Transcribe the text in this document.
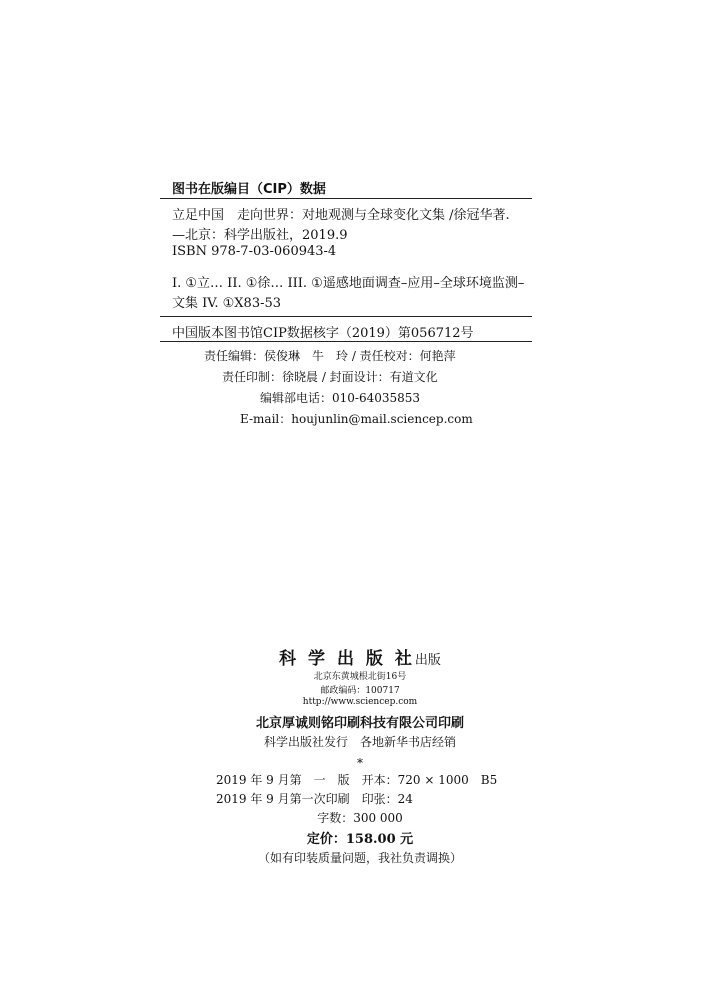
图书在版编目（CIP）数据
立足中国　走向世界：对地观测与全球变化文集 /徐冠华著.
—北京：科学出版社，2019.9
ISBN 978-7-03-060943-4
I. ①立… II. ①徐… III. ①遥感地面调查–应用–全球环境监测–
文集 IV. ①X83-53
中国版本图书馆CIP数据核字（2019）第056712号
责任编辑：侯俊琳　牛　玲 / 责任校对：何艳萍
责任印制：徐晓晨 / 封面设计：有道文化
编辑部电话：010-64035853
E-mail：houjunlin@mail.sciencep.com
科 学 出 版 社出版
北京东黄城根北街16号
邮政编码：100717
http://www.sciencep.com
北京厚诚则铭印刷科技有限公司印刷
科学出版社发行　各地新华书店经销
*
2019 年 9 月第　一　版　开本：720 × 1000　B5
2019 年 9 月第一次印刷　印张：24
字数：300 000
定价：158.00 元
（如有印装质量问题，我社负责调换）
